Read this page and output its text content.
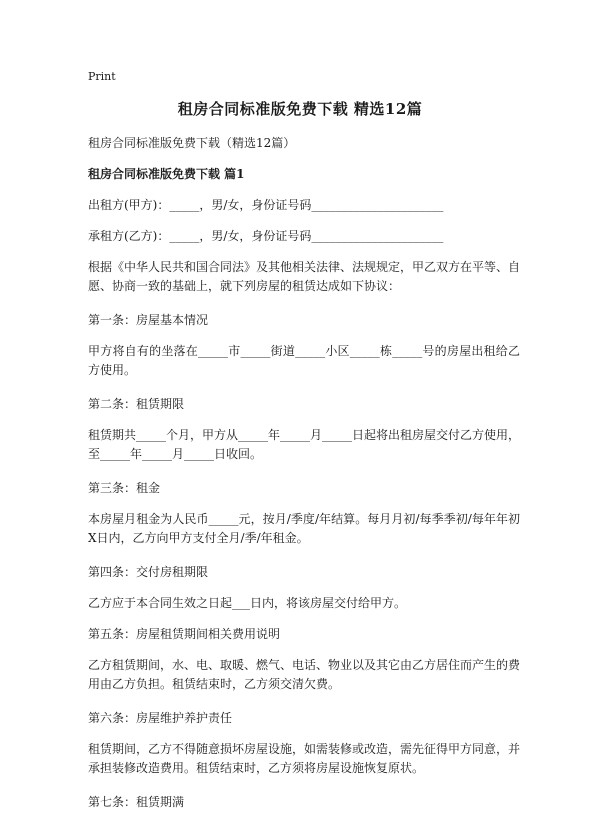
Print
租房合同标准版免费下载 精选12篇

租房合同标准版免费下载（精选12篇）

租房合同标准版免费下载 篇1

出租方(甲方)：_____，男/女，身份证号码______________________

承租方(乙方)：_____，男/女，身份证号码______________________

根据《中华人民共和国合同法》及其他相关法律、法规规定，甲乙双方在平等、自愿、协商一致的基础上，就下列房屋的租赁达成如下协议：

第一条：房屋基本情况

甲方将自有的坐落在_____市_____街道_____小区_____栋_____号的房屋出租给乙方使用。

第二条：租赁期限

租赁期共_____个月，甲方从_____年_____月_____日起将出租房屋交付乙方使用，至_____年_____月_____日收回。

第三条：租金

本房屋月租金为人民币_____元，按月/季度/年结算。每月月初/每季季初/每年年初X日内，乙方向甲方支付全月/季/年租金。

第四条：交付房租期限

乙方应于本合同生效之日起___日内，将该房屋交付给甲方。

第五条：房屋租赁期间相关费用说明

乙方租赁期间，水、电、取暖、燃气、电话、物业以及其它由乙方居住而产生的费用由乙方负担。租赁结束时，乙方须交清欠费。

第六条：房屋维护养护责任

租赁期间，乙方不得随意损坏房屋设施，如需装修或改造，需先征得甲方同意，并承担装修改造费用。租赁结束时，乙方须将房屋设施恢复原状。

第七条：租赁期满
